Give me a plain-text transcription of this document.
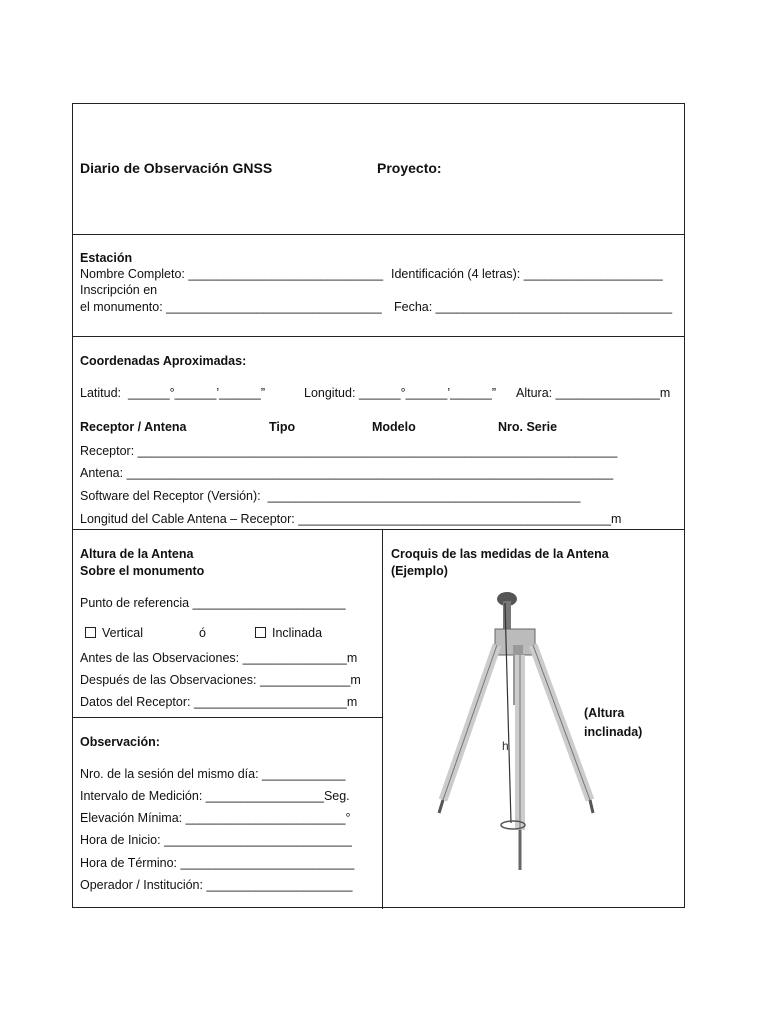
Diario de Observación GNSS	Proyecto:
Estación
Nombre Completo: ____________________________ Identificación (4 letras): ____________________
Inscripción en
el monumento: _______________________________ Fecha: __________________________________
Coordenadas Aproximadas:
Latitud:  ______°______’______”	Longitud: ______°______’______” Altura: _______________m
Receptor / Antena	Tipo	Modelo	Nro. Serie
Receptor: _____________________________________________________________________
Antena: ______________________________________________________________________
Software del Receptor (Versión):  _____________________________________________
Longitud del Cable Antena – Receptor: _____________________________________________m
Altura de la Antena
Sobre el monumento
Punto de referencia ______________________
Vertical	ó	Inclinada
Antes de las Observaciones: _______________m
Después de las Observaciones: _____________m
Datos del Receptor: ______________________m
Observación:
Nro. de la sesión del mismo día: ____________
Intervalo de Medición: _________________Seg.
Elevación Mínima: _______________________°
Hora de Inicio: ___________________________
Hora de Término: _________________________
Operador / Institución: _____________________
Croquis de las medidas de la Antena
(Ejemplo)
(Altura
inclinada)
h
